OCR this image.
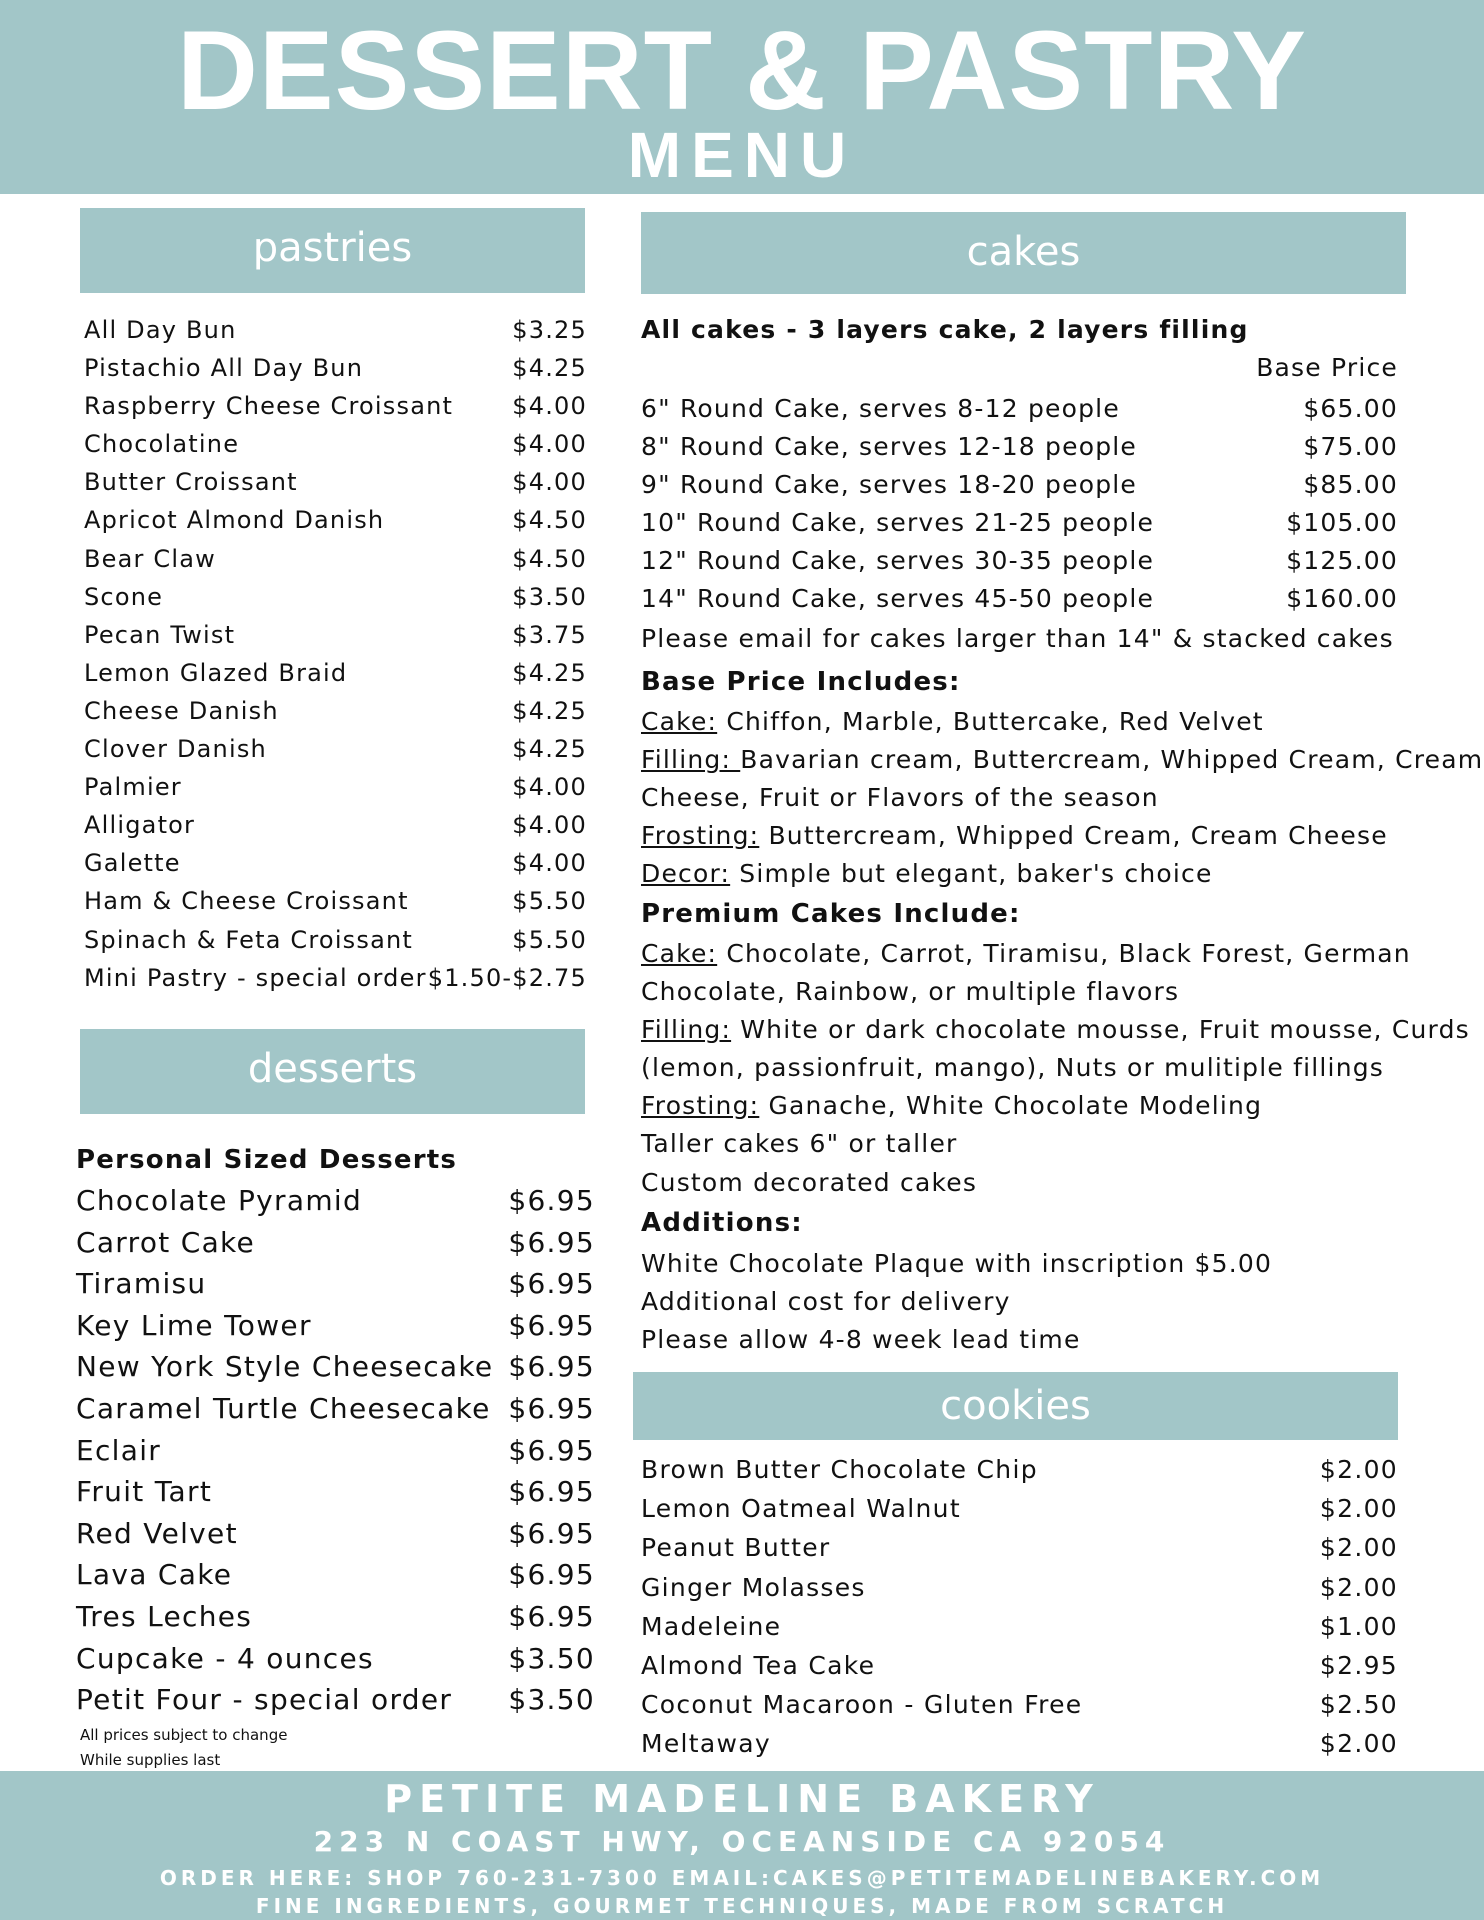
DESSERT & PASTRY
MENU
pastries
All Day Bun	$3.25
Pistachio All Day Bun	$4.25
Raspberry Cheese Croissant $4.00
Chocolatine	$4.00
Butter Croissant	$4.00
Apricot Almond Danish	$4.50
Bear Claw	$4.50
Scone	$3.50
Pecan Twist	$3.75
Lemon Glazed Braid	$4.25
Cheese Danish	$4.25
Clover Danish	$4.25
Palmier	$4.00
Alligator	$4.00
Galette	$4.00
Ham & Cheese Croissant	$5.50
Spinach & Feta Croissant	$5.50
Mini Pastry - special order $1.50-$2.75
desserts
Personal Sized Desserts
Chocolate Pyramid	$6.95
Carrot Cake	$6.95
Tiramisu	$6.95
Key Lime Tower	$6.95
New York Style Cheesecake $6.95
Caramel Turtle Cheesecake $6.95
Eclair	$6.95
Fruit Tart	$6.95
Red Velvet	$6.95
Lava Cake	$6.95
Tres Leches	$6.95
Cupcake - 4 ounces	$3.50
Petit Four - special order $3.50
All prices subject to change
While supplies last
cakes
All cakes - 3 layers cake, 2 layers filling
Base Price
6" Round Cake, serves 8-12 people	$65.00
8" Round Cake, serves 12-18 people	$75.00
9" Round Cake, serves 18-20 people	$85.00
10" Round Cake, serves 21-25 people	$105.00
12" Round Cake, serves 30-35 people	$125.00
14" Round Cake, serves 45-50 people	$160.00
Please email for cakes larger than 14" & stacked cakes
Base Price Includes:
Cake: Chiffon, Marble, Buttercake, Red Velvet
Filling: Bavarian cream, Buttercream, Whipped Cream, Cream
Cheese, Fruit or Flavors of the season
Frosting: Buttercream, Whipped Cream, Cream Cheese
Decor: Simple but elegant, baker's choice
Premium Cakes Include:
Cake: Chocolate, Carrot, Tiramisu, Black Forest, German
Chocolate, Rainbow, or multiple flavors
Filling: White or dark chocolate mousse, Fruit mousse, Curds
(lemon, passionfruit, mango), Nuts or mulitiple fillings
Frosting: Ganache, White Chocolate Modeling
Taller cakes 6" or taller
Custom decorated cakes
Additions:
White Chocolate Plaque with inscription $5.00
Additional cost for delivery
Please allow 4-8 week lead time
cookies
Brown Butter Chocolate Chip	$2.00
Lemon Oatmeal Walnut	$2.00
Peanut Butter	$2.00
Ginger Molasses	$2.00
Madeleine	$1.00
Almond Tea Cake	$2.95
Coconut Macaroon - Gluten Free	$2.50
Meltaway	$2.00
PETITE MADELINE BAKERY
223 N COAST HWY, OCEANSIDE CA 92054
ORDER HERE: SHOP 760-231-7300 EMAIL:CAKES@PETITEMADELINEBAKERY.COM
FINE INGREDIENTS, GOURMET TECHNIQUES, MADE FROM SCRATCH
